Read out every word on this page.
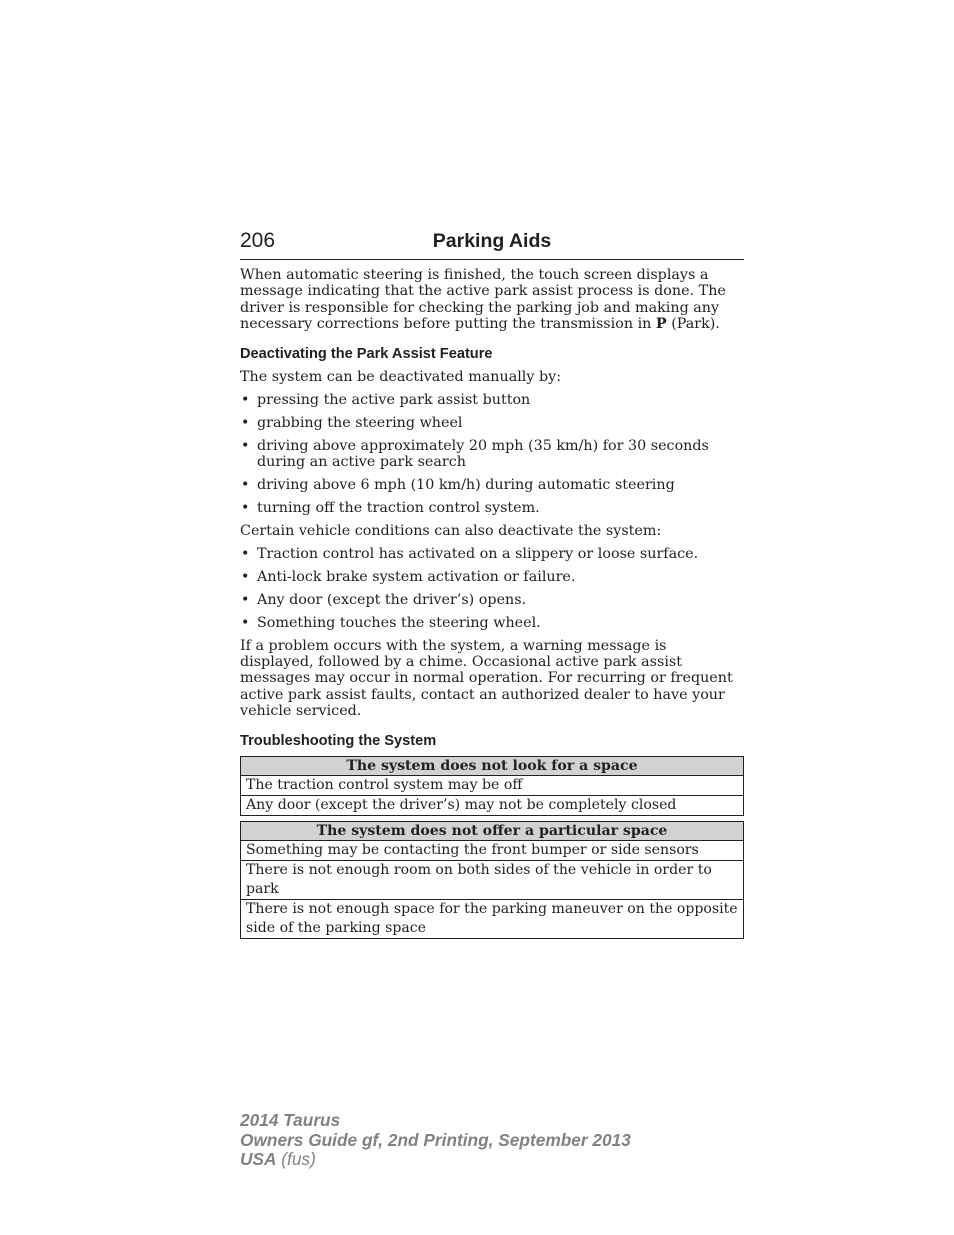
206	Parking Aids

When automatic steering is finished, the touch screen displays a message indicating that the active park assist process is done. The driver is responsible for checking the parking job and making any necessary corrections before putting the transmission in P (Park).

Deactivating the Park Assist Feature

The system can be deactivated manually by:

• pressing the active park assist button
• grabbing the steering wheel
• driving above approximately 20 mph (35 km/h) for 30 seconds during an active park search
• driving above 6 mph (10 km/h) during automatic steering
• turning off the traction control system.

Certain vehicle conditions can also deactivate the system:

• Traction control has activated on a slippery or loose surface.
• Anti-lock brake system activation or failure.
• Any door (except the driver’s) opens.
• Something touches the steering wheel.

If a problem occurs with the system, a warning message is displayed, followed by a chime. Occasional active park assist messages may occur in normal operation. For recurring or frequent active park assist faults, contact an authorized dealer to have your vehicle serviced.

Troubleshooting the System
The system does not look for a space
The traction control system may be off
Any door (except the driver’s) may not be completely closed
The system does not offer a particular space
Something may be contacting the front bumper or side sensors
There is not enough room on both sides of the vehicle in order to park
There is not enough space for the parking maneuver on the opposite side of the parking space
2014 Taurus
Owners Guide gf, 2nd Printing, September 2013
USA (fus)
